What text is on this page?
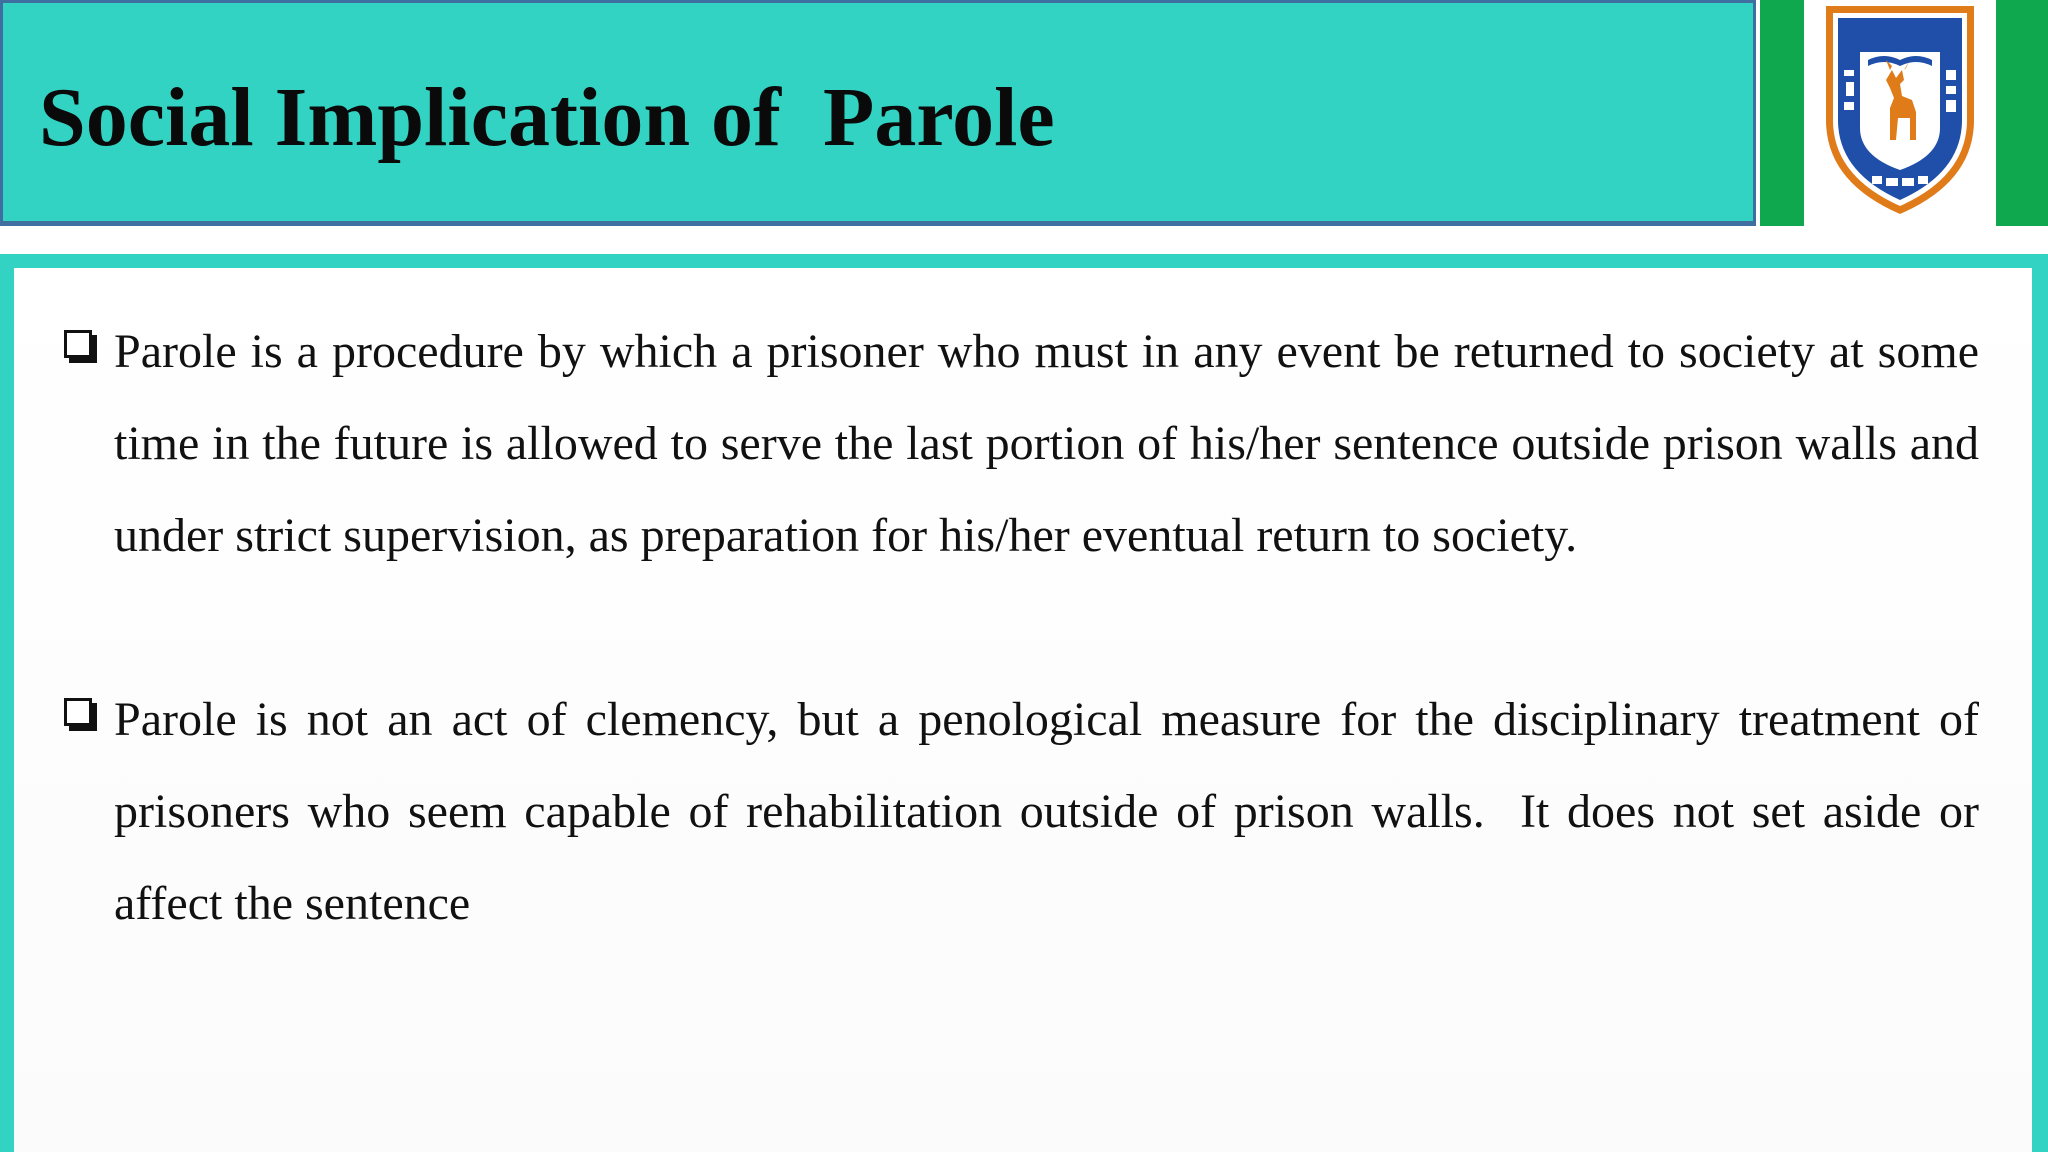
Social Implication of  Parole

Parole is a procedure by which a prisoner who must in any event be returned to society at some time in the future is allowed to serve the last portion of his/her sentence outside prison walls and under strict supervision, as preparation for his/her eventual return to society.

Parole is not an act of clemency, but a penological measure for the disciplinary treatment of prisoners who seem capable of rehabilitation outside of prison walls.  It does not set aside or affect the sentence
